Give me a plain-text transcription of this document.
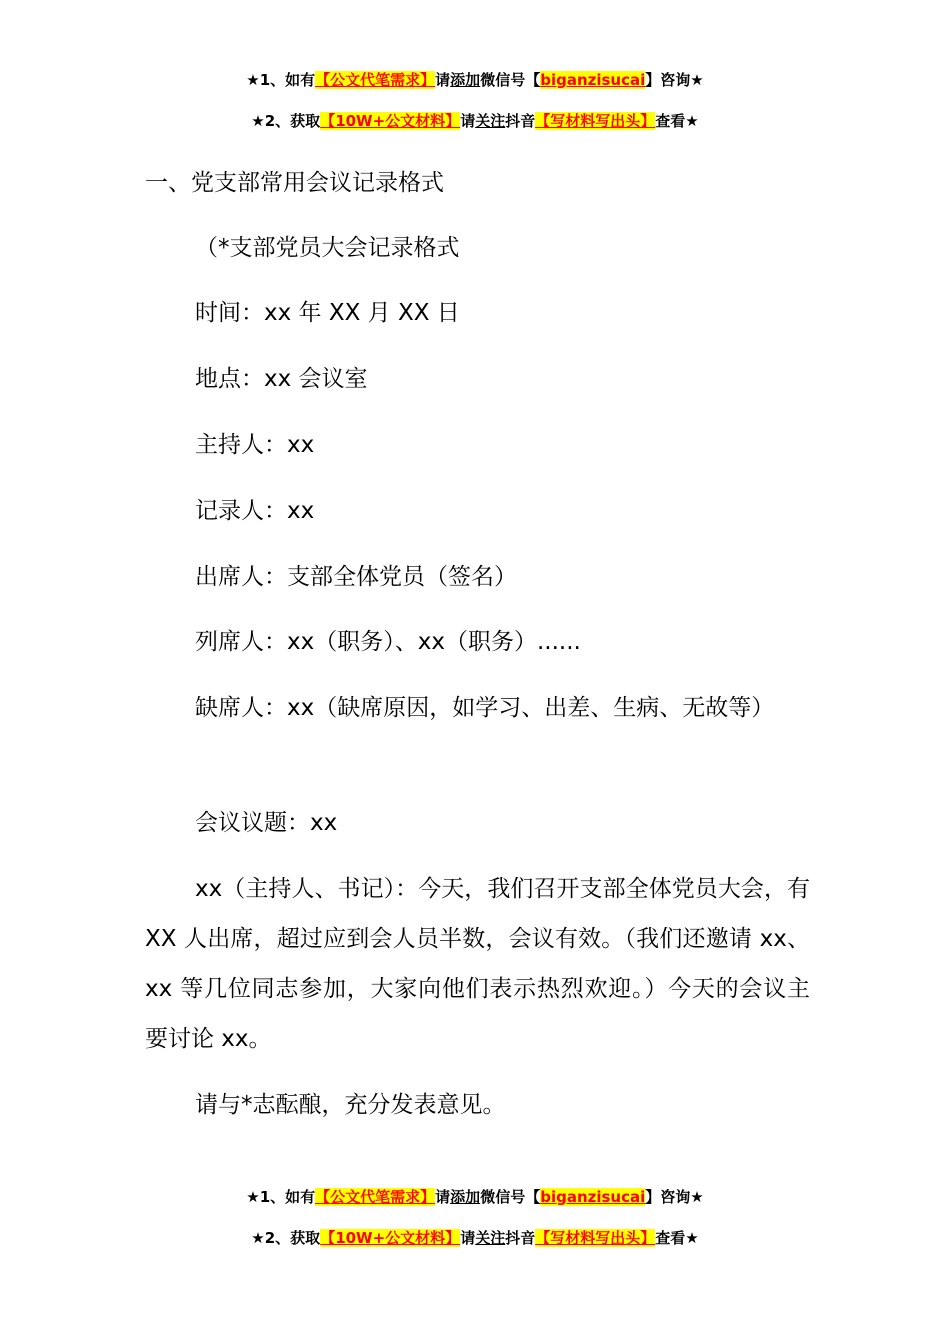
★1、如有【公文代笔需求】请添加微信号【biganzisucai】咨询★
★2、获取【10W+公文材料】请关注抖音【写材料写出头】查看★
一、党支部常用会议记录格式
（*支部党员大会记录格式
时间：xx 年 XX 月 XX 日
地点：xx 会议室
主持人：xx
记录人：xx
出席人：支部全体党员（签名）
列席人：xx（职务）、xx（职务）......

缺席人：xx（缺席原因，如学习、出差、生病、无故等）

会议议题：xx

xx（主持人、书记）：今天，我们召开支部全体党员大会，有 XX 人出席，超过应到会人员半数，会议有效。（我们还邀请 xx、xx 等几位同志参加，大家向他们表示热烈欢迎。）今天的会议主要讨论 xx。

请与*志酝酿，充分发表意见。
★1、如有【公文代笔需求】请添加微信号【biganzisucai】咨询★
★2、获取【10W+公文材料】请关注抖音【写材料写出头】查看★
